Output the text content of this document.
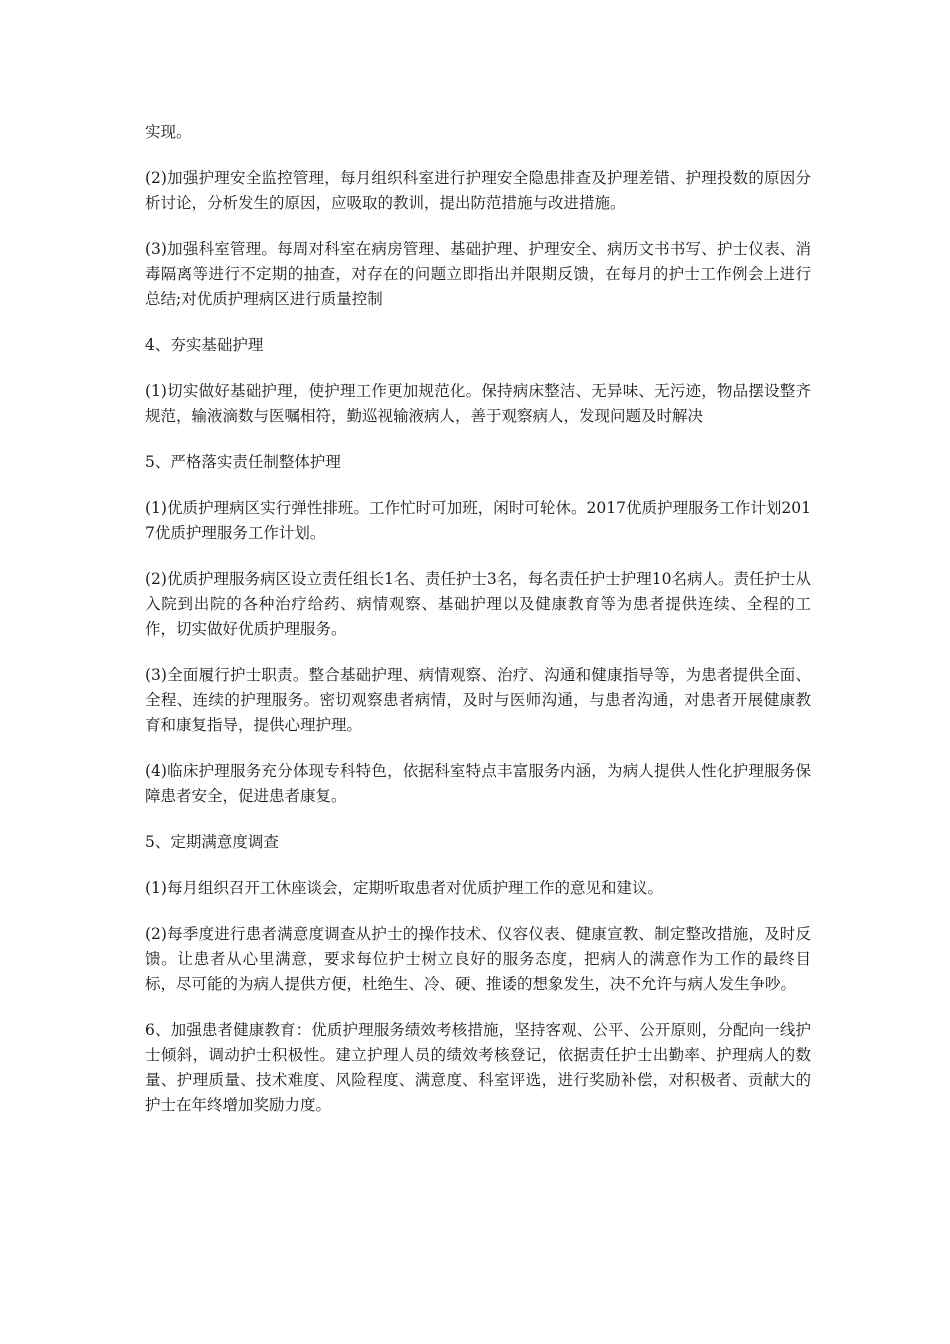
实现。

(2)加强护理安全监控管理，每月组织科室进行护理安全隐患排查及护理差错、护理投数的原因分析讨论，分析发生的原因，应吸取的教训，提出防范措施与改进措施。

(3)加强科室管理。每周对科室在病房管理、基础护理、护理安全、病历文书书写、护士仪表、消毒隔离等进行不定期的抽查，对存在的问题立即指出并限期反馈，在每月的护士工作例会上进行总结;对优质护理病区进行质量控制

4、夯实基础护理

(1)切实做好基础护理，使护理工作更加规范化。保持病床整洁、无异味、无污迹，物品摆设整齐规范，输液滴数与医嘱相符，勤巡视输液病人，善于观察病人，发现问题及时解决

5、严格落实责任制整体护理

(1)优质护理病区实行弹性排班。工作忙时可加班，闲时可轮休。2017优质护理服务工作计划2017优质护理服务工作计划。

(2)优质护理服务病区设立责任组长1名、责任护士3名，每名责任护士护理10名病人。责任护士从入院到出院的各种治疗给药、病情观察、基础护理以及健康教育等为患者提供连续、全程的工作，切实做好优质护理服务。

(3)全面履行护士职责。整合基础护理、病情观察、治疗、沟通和健康指导等，为患者提供全面、全程、连续的护理服务。密切观察患者病情，及时与医师沟通，与患者沟通，对患者开展健康教育和康复指导，提供心理护理。

(4)临床护理服务充分体现专科特色，依据科室特点丰富服务内涵，为病人提供人性化护理服务保障患者安全，促进患者康复。

5、定期满意度调查

(1)每月组织召开工休座谈会，定期听取患者对优质护理工作的意见和建议。

(2)每季度进行患者满意度调查从护士的操作技术、仪容仪表、健康宣教、制定整改措施，及时反馈。让患者从心里满意，要求每位护士树立良好的服务态度，把病人的满意作为工作的最终目标，尽可能的为病人提供方便，杜绝生、冷、硬、推诿的想象发生，决不允许与病人发生争吵。

6、加强患者健康教育：优质护理服务绩效考核措施，坚持客观、公平、公开原则，分配向一线护士倾斜，调动护士积极性。建立护理人员的绩效考核登记，依据责任护士出勤率、护理病人的数量、护理质量、技术难度、风险程度、满意度、科室评选，进行奖励补偿，对积极者、贡献大的护士在年终增加奖励力度。
